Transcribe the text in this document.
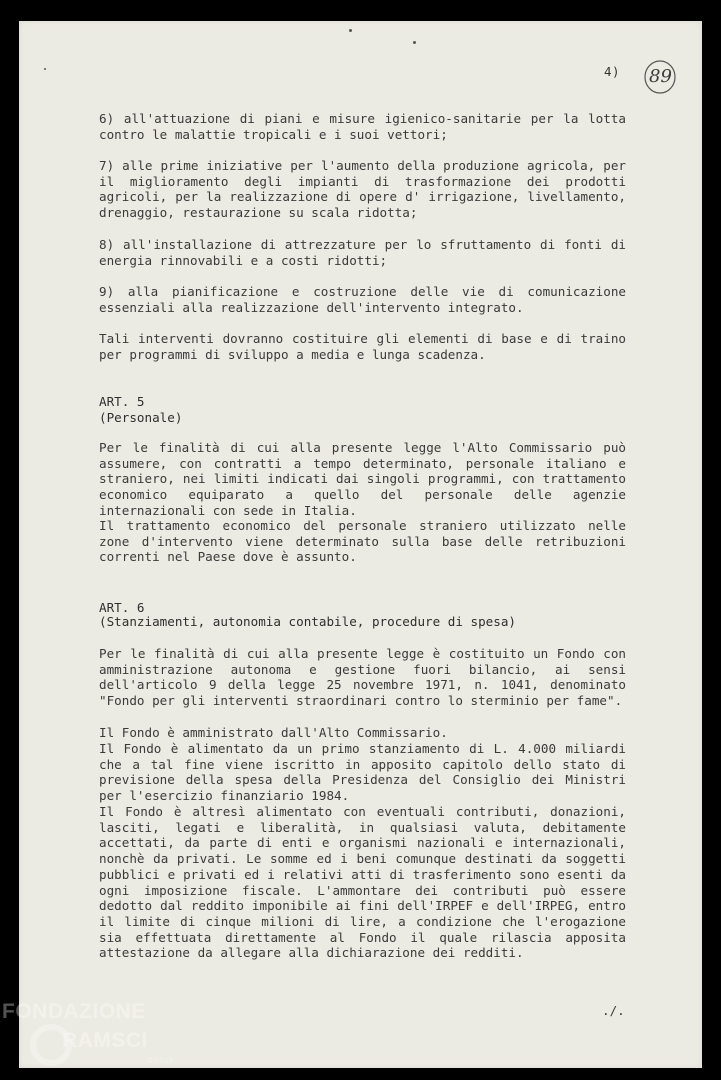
4) 89
6) all'attuazione di piani e misure igienico-sanitarie per la lotta contro le malattie tropicali e i suoi vettori;
7) alle prime iniziative per l'aumento della produzione agricola, per il miglioramento degli impianti di trasformazione dei prodotti agricoli, per la realizzazione di opere d' irrigazione, livellamento, drenaggio, restaurazione su scala ridotta;
8) all'installazione di attrezzature per lo sfruttamento di fonti di energia rinnovabili e a costi ridotti;
9) alla pianificazione e costruzione delle vie di comunicazione essenziali alla realizzazione dell'intervento integrato.
Tali interventi dovranno costituire gli elementi di base e di traino per programmi di sviluppo a media e lunga scadenza.
ART. 5
(Personale)
Per le finalità di cui alla presente legge l'Alto Commissario può assumere, con contratti a tempo determinato, personale italiano e straniero, nei limiti indicati dai singoli programmi, con trattamento economico equiparato a quello del personale delle agenzie internazionali con sede in Italia.
Il trattamento economico del personale straniero utilizzato nelle zone d'intervento viene determinato sulla base delle retribuzioni correnti nel Paese dove è assunto.
ART. 6
(Stanziamenti, autonomia contabile, procedure di spesa)
Per le finalità di cui alla presente legge è costituito un Fondo con amministrazione autonoma e gestione fuori bilancio, ai sensi dell'articolo 9 della legge 25 novembre 1971, n. 1041, denominato "Fondo per gli interventi straordinari contro lo sterminio per fame".
Il Fondo è amministrato dall'Alto Commissario.
Il Fondo è alimentato da un primo stanziamento di L. 4.000 miliardi che a tal fine viene iscritto in apposito capitolo dello stato di previsione della spesa della Presidenza del Consiglio dei Ministri per l'esercizio finanziario 1984.
Il Fondo è altresì alimentato con eventuali contributi, donazioni, lasciti, legati e liberalità, in qualsiasi valuta, debitamente accettati, da parte di enti e organismi nazionali e internazionali, nonchè da privati. Le somme ed i beni comunque destinati da soggetti pubblici e privati ed i relativi atti di trasferimento sono esenti da ogni imposizione fiscale. L'ammontare dei contributi può essere dedotto dal reddito imponibile ai fini dell'IRPEF e dell'IRPEG, entro il limite di cinque milioni di lire, a condizione che l'erogazione sia effettuata direttamente al Fondo il quale rilascia apposita attestazione da allegare alla dichiarazione dei redditi.
./.
FONDAZIONE
RAMSCI
onlus
